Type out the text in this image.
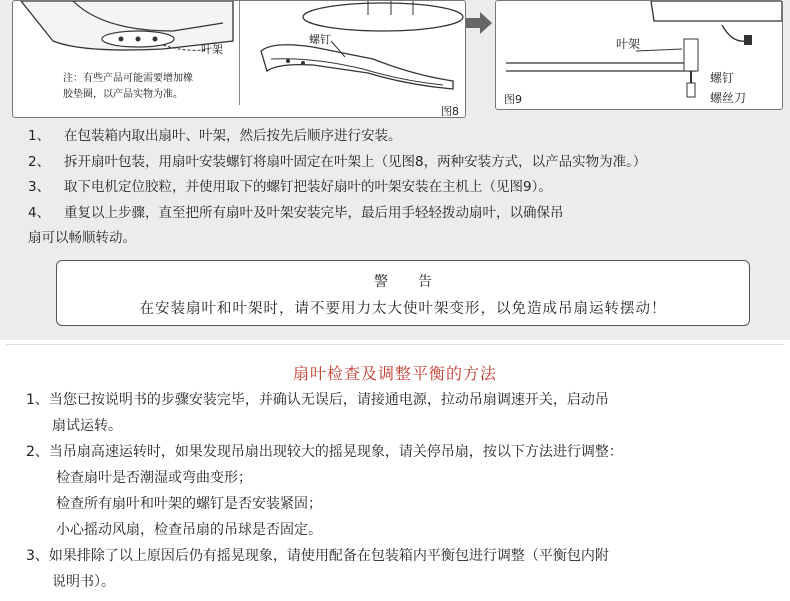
叶架
螺钉
注：有些产品可能需要增加橡
胶垫圈，以产品实物为准。
图8
叶架
螺钉
螺丝刀
图9
1、 在包装箱内取出扇叶、叶架，然后按先后顺序进行安装。
2、 拆开扇叶包装，用扇叶安装螺钉将扇叶固定在叶架上（见图8，两种安装方式，以产品实物为准。）
3、 取下电机定位胶粒，并使用取下的螺钉把装好扇叶的叶架安装在主机上（见图9）。
4、 重复以上步骤，直至把所有扇叶及叶架安装完毕，最后用手轻轻拨动扇叶，以确保吊
扇可以畅顺转动。
警告
在安装扇叶和叶架时，请不要用力太大使叶架变形，以免造成吊扇运转摆动！
扇叶检查及调整平衡的方法
1、当您已按说明书的步骤安装完毕，并确认无误后，请接通电源，拉动吊扇调速开关，启动吊
扇试运转。
2、当吊扇高速运转时，如果发现吊扇出现较大的摇晃现象，请关停吊扇，按以下方法进行调整：
检查扇叶是否潮湿或弯曲变形；
检查所有扇叶和叶架的螺钉是否安装紧固；
小心摇动风扇，检查吊扇的吊球是否固定。
3、如果排除了以上原因后仍有摇晃现象，请使用配备在包装箱内平衡包进行调整（平衡包内附
说明书）。
